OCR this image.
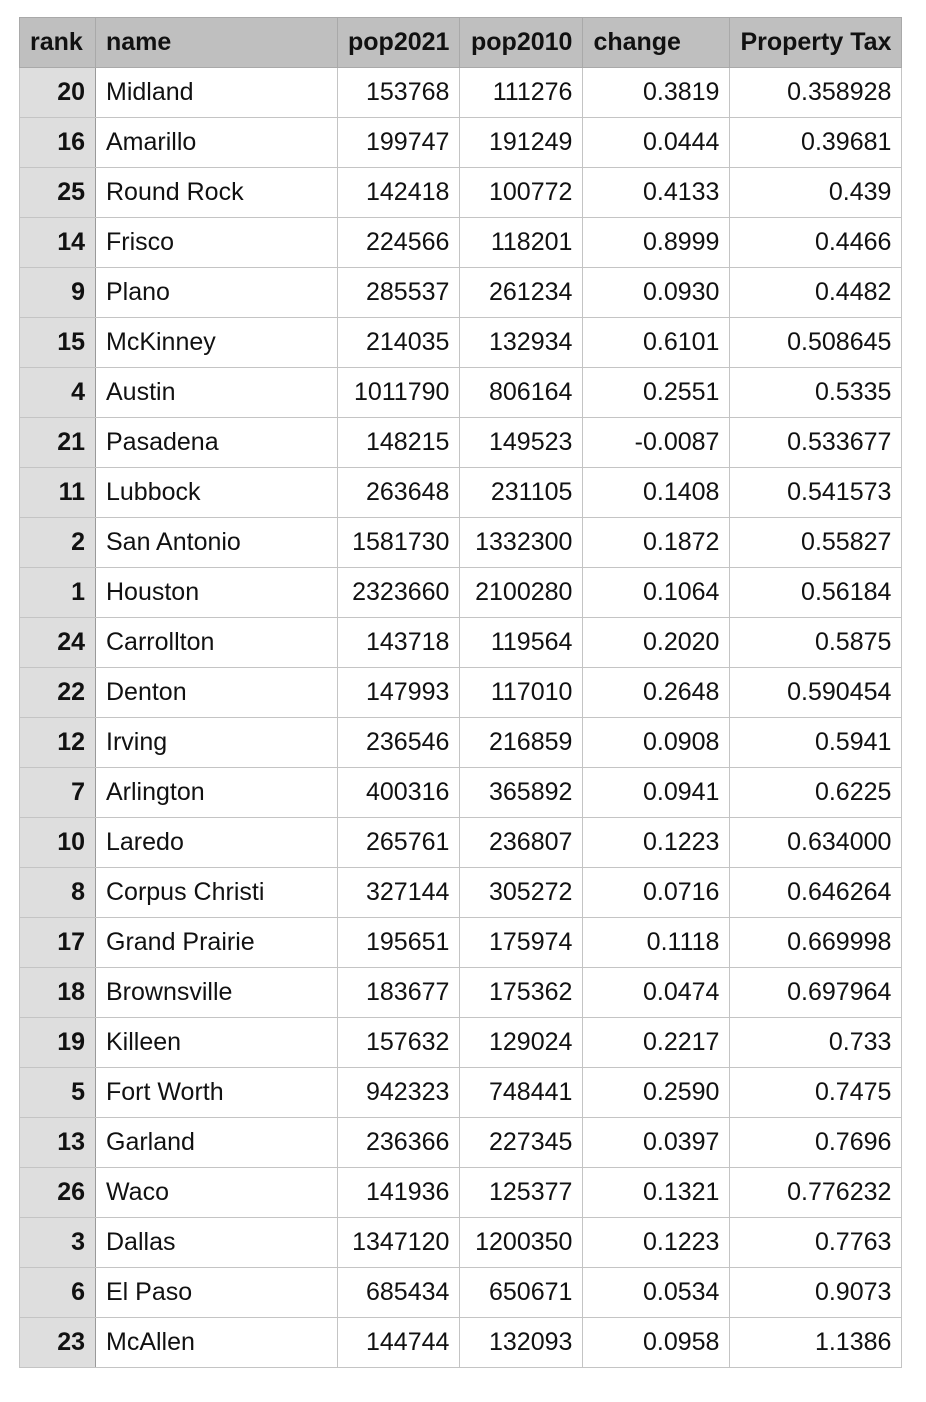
rank	name	pop2021	pop2010	change	Property Tax
20	Midland	153768	111276	0.3819	0.358928
16	Amarillo	199747	191249	0.0444	0.39681
25	Round Rock	142418	100772	0.4133	0.439
14	Frisco	224566	118201	0.8999	0.4466
9	Plano	285537	261234	0.0930	0.4482
15	McKinney	214035	132934	0.6101	0.508645
4	Austin	1011790	806164	0.2551	0.5335
21	Pasadena	148215	149523	-0.0087	0.533677
11	Lubbock	263648	231105	0.1408	0.541573
2	San Antonio	1581730	1332300	0.1872	0.55827
1	Houston	2323660	2100280	0.1064	0.56184
24	Carrollton	143718	119564	0.2020	0.5875
22	Denton	147993	117010	0.2648	0.590454
12	Irving	236546	216859	0.0908	0.5941
7	Arlington	400316	365892	0.0941	0.6225
10	Laredo	265761	236807	0.1223	0.634000
8	Corpus Christi	327144	305272	0.0716	0.646264
17	Grand Prairie	195651	175974	0.1118	0.669998
18	Brownsville	183677	175362	0.0474	0.697964
19	Killeen	157632	129024	0.2217	0.733
5	Fort Worth	942323	748441	0.2590	0.7475
13	Garland	236366	227345	0.0397	0.7696
26	Waco	141936	125377	0.1321	0.776232
3	Dallas	1347120	1200350	0.1223	0.7763
6	El Paso	685434	650671	0.0534	0.9073
23	McAllen	144744	132093	0.0958	1.1386
